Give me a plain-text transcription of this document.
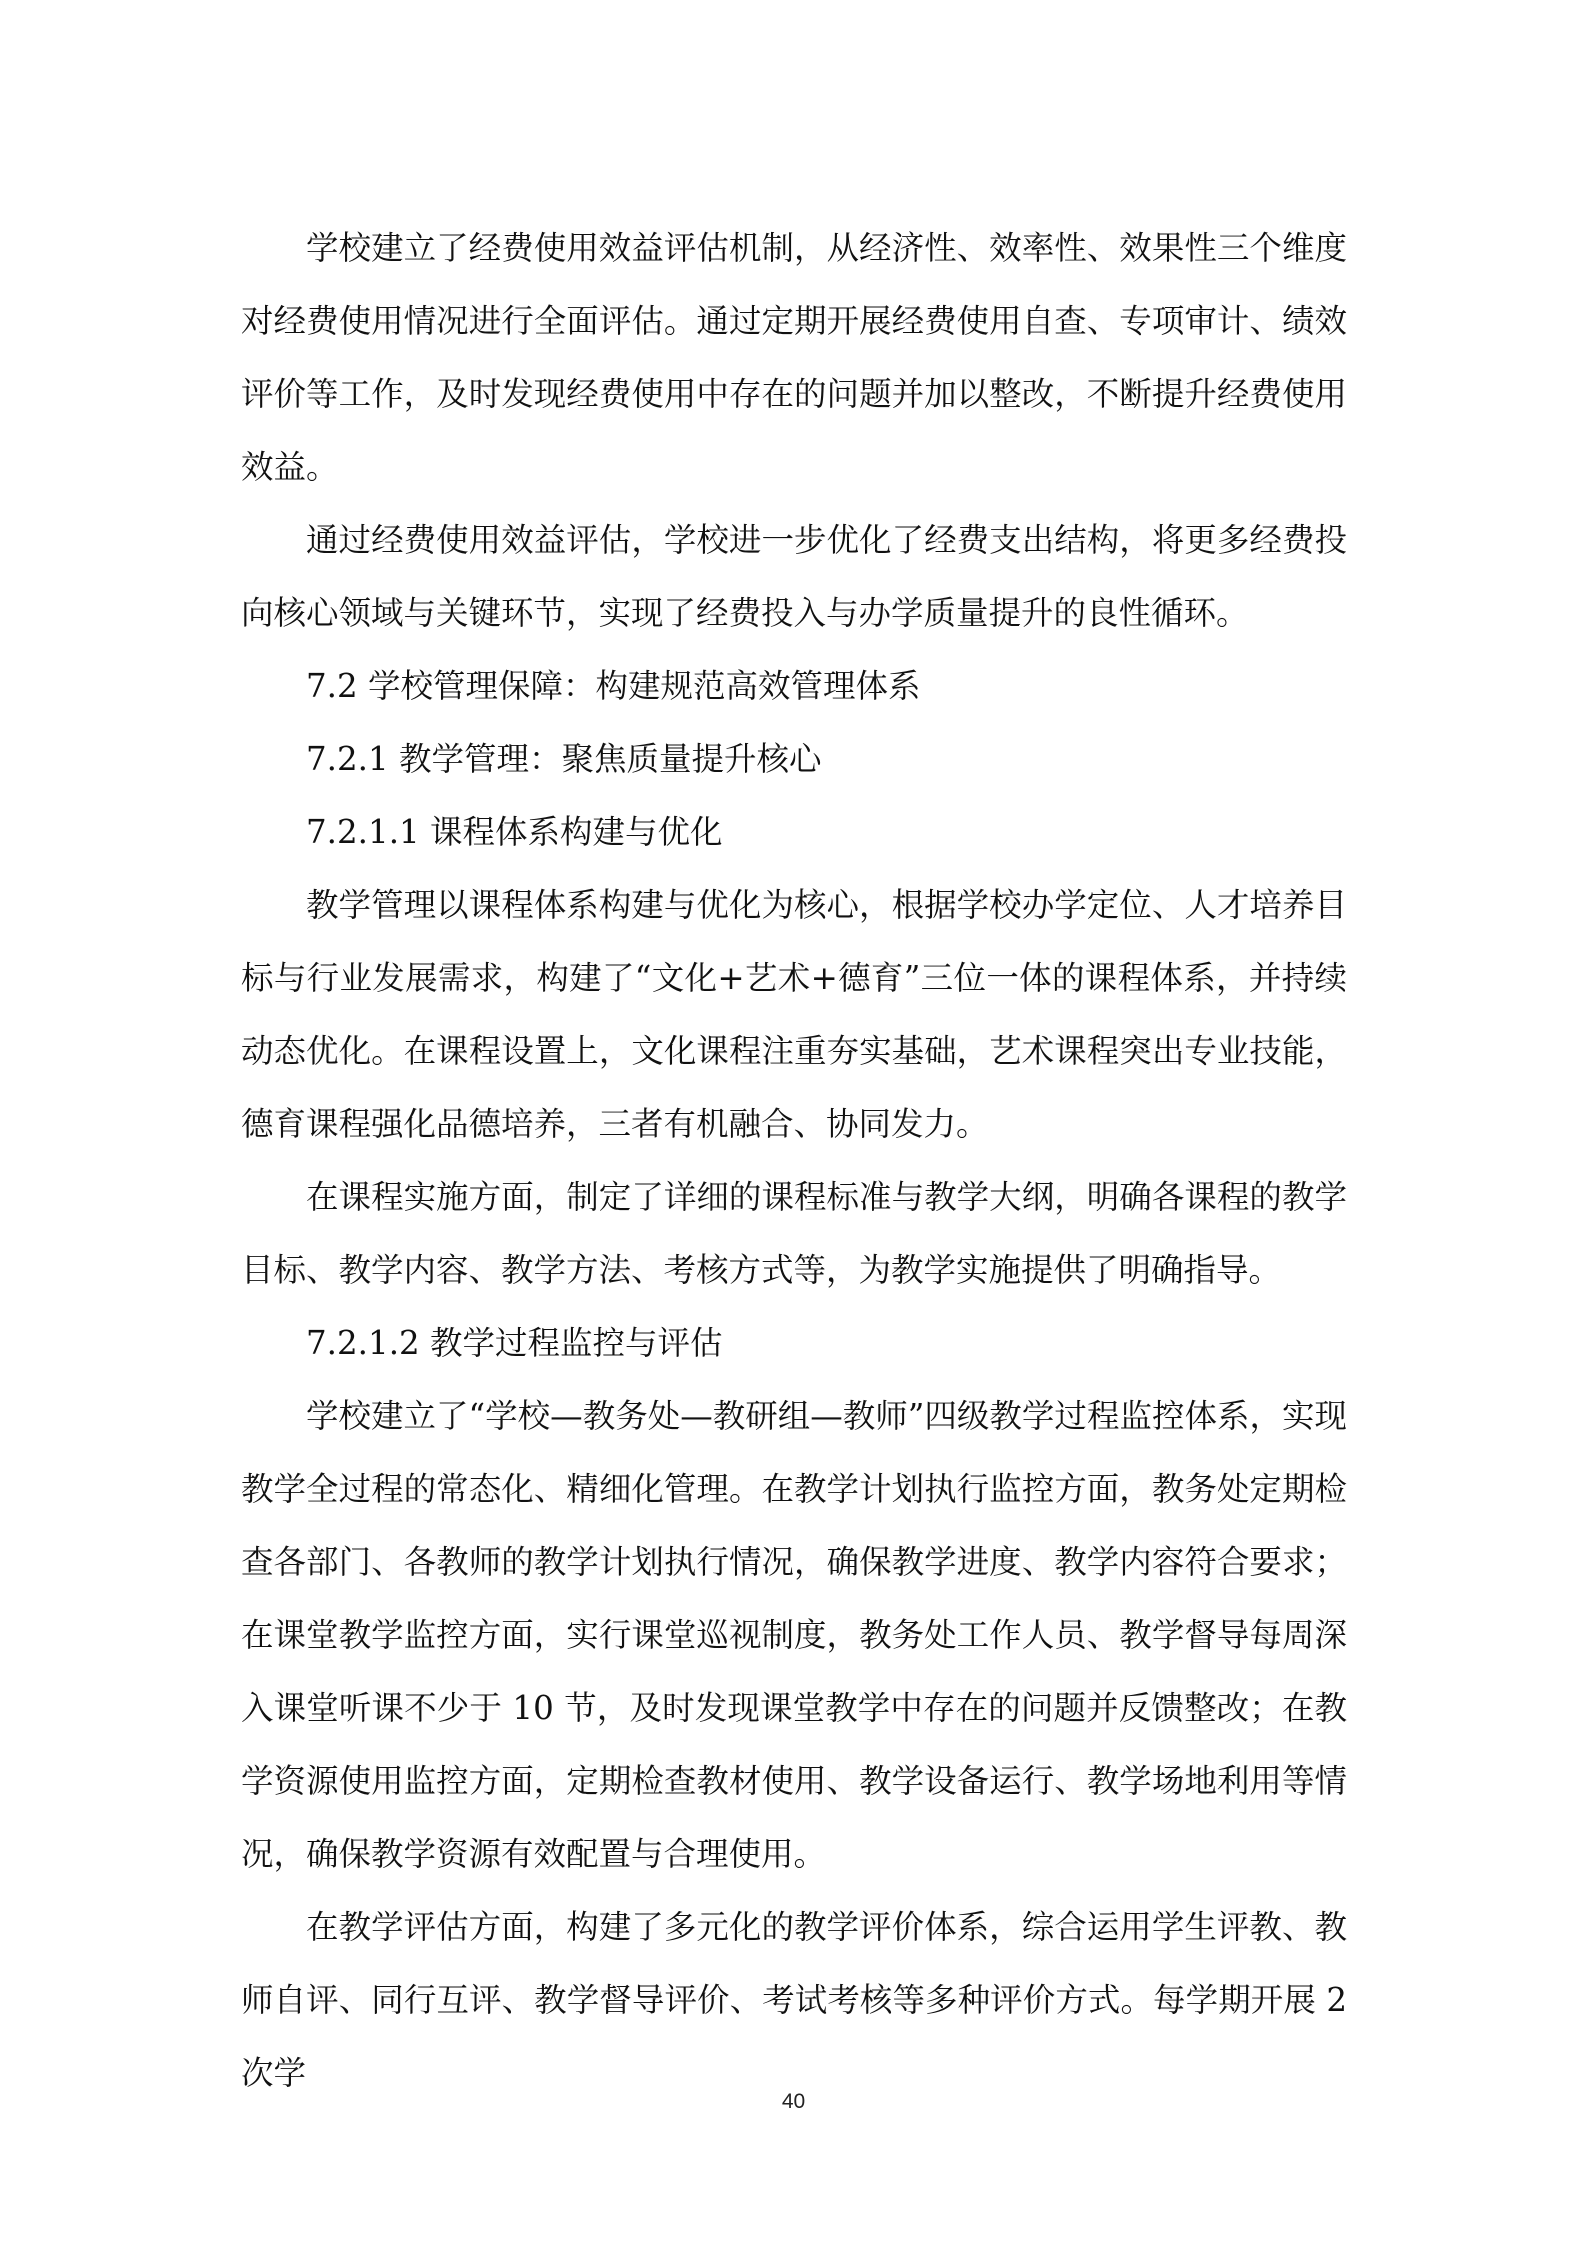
学校建立了经费使用效益评估机制，从经济性、效率性、效果性三个维度对经费使用情况进行全面评估。通过定期开展经费使用自查、专项审计、绩效评价等工作，及时发现经费使用中存在的问题并加以整改，不断提升经费使用效益。

通过经费使用效益评估，学校进一步优化了经费支出结构，将更多经费投向核心领域与关键环节，实现了经费投入与办学质量提升的良性循环。

7.2 学校管理保障：构建规范高效管理体系

7.2.1 教学管理：聚焦质量提升核心

7.2.1.1 课程体系构建与优化

教学管理以课程体系构建与优化为核心，根据学校办学定位、人才培养目标与行业发展需求，构建了“文化+艺术+德育”三位一体的课程体系，并持续动态优化。在课程设置上，文化课程注重夯实基础，艺术课程突出专业技能，德育课程强化品德培养，三者有机融合、协同发力。

在课程实施方面，制定了详细的课程标准与教学大纲，明确各课程的教学目标、教学内容、教学方法、考核方式等，为教学实施提供了明确指导。

7.2.1.2 教学过程监控与评估

学校建立了“学校—教务处—教研组—教师”四级教学过程监控体系，实现教学全过程的常态化、精细化管理。在教学计划执行监控方面，教务处定期检查各部门、各教师的教学计划执行情况，确保教学进度、教学内容符合要求；在课堂教学监控方面，实行课堂巡视制度，教务处工作人员、教学督导每周深入课堂听课不少于 10 节，及时发现课堂教学中存在的问题并反馈整改；在教学资源使用监控方面，定期检查教材使用、教学设备运行、教学场地利用等情况，确保教学资源有效配置与合理使用。

在教学评估方面，构建了多元化的教学评价体系，综合运用学生评教、教师自评、同行互评、教学督导评价、考试考核等多种评价方式。每学期开展 2 次学

40
